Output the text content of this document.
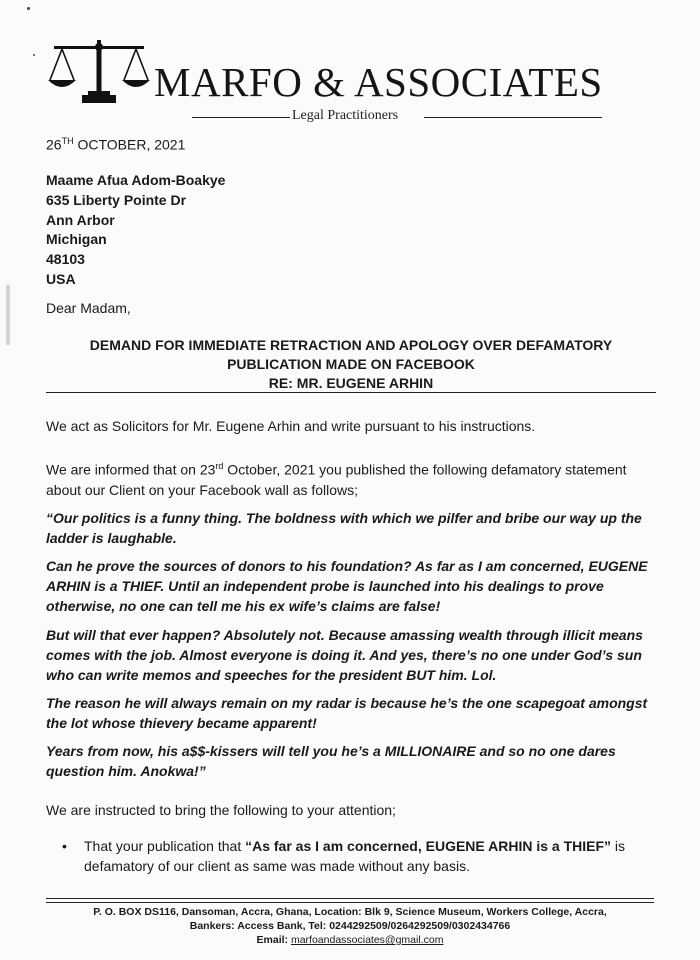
MARFO & ASSOCIATES
Legal Practitioners
26TH OCTOBER, 2021
Maame Afua Adom-Boakye
635 Liberty Pointe Dr
Ann Arbor
Michigan
48103
USA
Dear Madam,
DEMAND FOR IMMEDIATE RETRACTION AND APOLOGY OVER DEFAMATORY
PUBLICATION MADE ON FACEBOOK
RE: MR. EUGENE ARHIN
We act as Solicitors for Mr. Eugene Arhin and write pursuant to his instructions.
We are informed that on 23rd October, 2021 you published the following defamatory statement about our Client on your Facebook wall as follows;
“Our politics is a funny thing. The boldness with which we pilfer and bribe our way up the ladder is laughable.
Can he prove the sources of donors to his foundation? As far as I am concerned, EUGENE ARHIN is a THIEF. Until an independent probe is launched into his dealings to prove otherwise, no one can tell me his ex wife’s claims are false!
But will that ever happen? Absolutely not. Because amassing wealth through illicit means comes with the job. Almost everyone is doing it. And yes, there’s no one under God’s sun who can write memos and speeches for the president BUT him. Lol.
The reason he will always remain on my radar is because he’s the one scapegoat amongst the lot whose thievery became apparent!
Years from now, his a$$-kissers will tell you he’s a MILLIONAIRE and so no one dares question him. Anokwa!”
We are instructed to bring the following to your attention;
• That your publication that “As far as I am concerned, EUGENE ARHIN is a THIEF” is defamatory of our client as same was made without any basis.
P. O. BOX DS116, Dansoman, Accra, Ghana, Location: Blk 9, Science Museum, Workers College, Accra,
Bankers: Access Bank, Tel: 0244292509/0264292509/0302434766
Email: marfoandassociates@gmail.com
